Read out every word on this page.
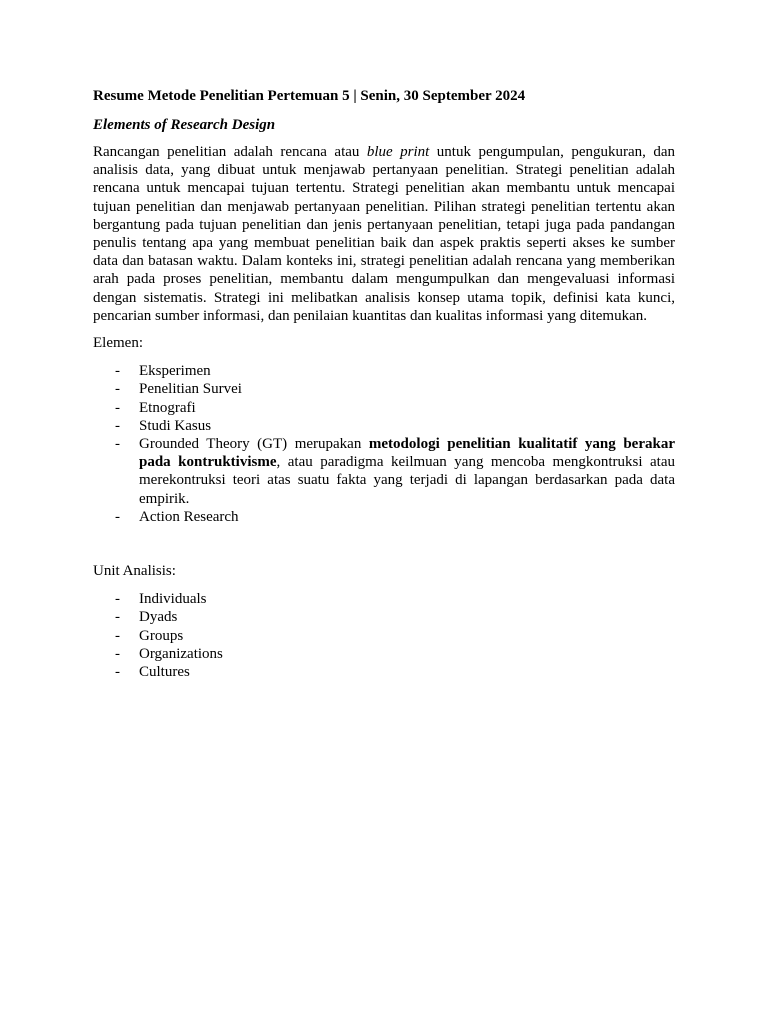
Resume Metode Penelitian Pertemuan 5 | Senin, 30 September 2024

Elements of Research Design

Rancangan penelitian adalah rencana atau blue print untuk pengumpulan, pengukuran, dan analisis data, yang dibuat untuk menjawab pertanyaan penelitian. Strategi penelitian adalah rencana untuk mencapai tujuan tertentu. Strategi penelitian akan membantu untuk mencapai tujuan penelitian dan menjawab pertanyaan penelitian. Pilihan strategi penelitian tertentu akan bergantung pada tujuan penelitian dan jenis pertanyaan penelitian, tetapi juga pada pandangan penulis tentang apa yang membuat penelitian baik dan aspek praktis seperti akses ke sumber data dan batasan waktu. Dalam konteks ini, strategi penelitian adalah rencana yang memberikan arah pada proses penelitian, membantu dalam mengumpulkan dan mengevaluasi informasi dengan sistematis. Strategi ini melibatkan analisis konsep utama topik, definisi kata kunci, pencarian sumber informasi, dan penilaian kuantitas dan kualitas informasi yang ditemukan.

Elemen:

- Eksperimen
- Penelitian Survei
- Etnografi
- Studi Kasus
- Grounded Theory (GT) merupakan metodologi penelitian kualitatif yang berakar pada kontruktivisme, atau paradigma keilmuan yang mencoba mengkontruksi atau merekontruksi teori atas suatu fakta yang terjadi di lapangan berdasarkan pada data empirik.
- Action Research

Unit Analisis:

- Individuals
- Dyads
- Groups
- Organizations
- Cultures
